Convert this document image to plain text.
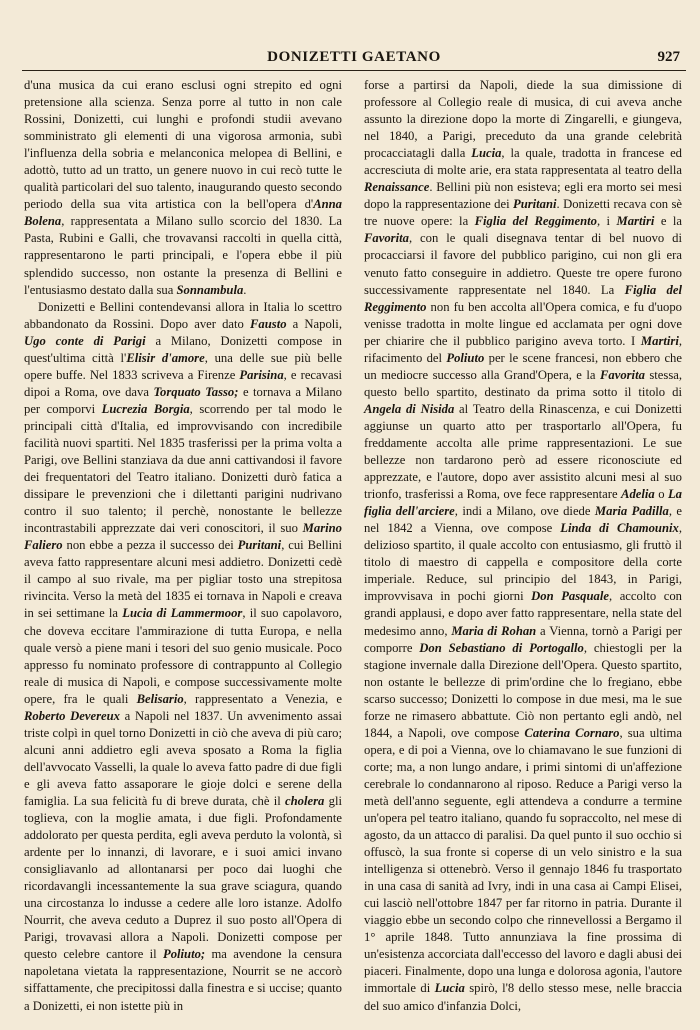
DONIZETTI GAETANO	927

d'una musica da cui erano esclusi ogni strepito ed ogni pretensione alla scienza. Senza porre al tutto in non cale Rossini, Donizetti, cui lunghi e profondi studii avevano somministrato gli elementi di una vigorosa armonia, subì l'influenza della sobria e melanconica melopea di Bellini, e adottò, tutto ad un tratto, un genere nuovo in cui recò tutte le qualità particolari del suo talento, inaugurando questo secondo periodo della sua vita artistica con la bell'opera d'Anna Bolena, rappresentata a Milano sullo scorcio del 1830. La Pasta, Rubini e Galli, che trovavansi raccolti in quella città, rappresentarono le parti principali, e l'opera ebbe il più splendido successo, non ostante la presenza di Bellini e l'entusiasmo destato dalla sua Sonnambula.

Donizetti e Bellini contendevansi allora in Italia lo scettro abbandonato da Rossini. Dopo aver dato Fausto a Napoli, Ugo conte di Parigi a Milano, Donizetti compose in quest'ultima città l'Elisir d'amore, una delle sue più belle opere buffe. Nel 1833 scriveva a Firenze Parisina, e recavasi dipoi a Roma, ove dava Torquato Tasso; e tornava a Milano per comporvi Lucrezia Borgia, scorrendo per tal modo le principali città d'Italia, ed improvvisando con incredibile facilità nuovi spartiti. Nel 1835 trasferissi per la prima volta a Parigi, ove Bellini stanziava da due anni cattivandosi il favore dei frequentatori del Teatro italiano. Donizetti durò fatica a dissipare le prevenzioni che i dilettanti parigini nudrivano contro il suo talento; il perchè, nonostante le bellezze incontrastabili apprezzate dai veri conoscitori, il suo Marino Faliero non ebbe a pezza il successo dei Puritani, cui Bellini aveva fatto rappresentare alcuni mesi addietro. Donizetti cedè il campo al suo rivale, ma per pigliar tosto una strepitosa rivincita. Verso la metà del 1835 ei tornava in Napoli e creava in sei settimane la Lucia di Lammermoor, il suo capolavoro, che doveva eccitare l'ammirazione di tutta Europa, e nella quale versò a piene mani i tesori del suo genio musicale. Poco appresso fu nominato professore di contrappunto al Collegio reale di musica di Napoli, e compose successivamente molte opere, fra le quali Belisario, rappresentato a Venezia, e Roberto Devereux a Napoli nel 1837. Un avvenimento assai triste colpì in quel torno Donizetti in ciò che aveva di più caro; alcuni anni addietro egli aveva sposato a Roma la figlia dell'avvocato Vasselli, la quale lo aveva fatto padre di due figli e gli aveva fatto assaporare le gioje dolci e serene della famiglia. La sua felicità fu di breve durata, chè il cholera gli toglieva, con la moglie amata, i due figli. Profondamente addolorato per questa perdita, egli aveva perduto la volontà, sì ardente per lo innanzi, di lavorare, e i suoi amici invano consigliavanlo ad allontanarsi per poco dai luoghi che ricordavangli incessantemente la sua grave sciagura, quando una circostanza lo indusse a cedere alle loro istanze. Adolfo Nourrit, che aveva ceduto a Duprez il suo posto all'Opera di Parigi, trovavasi allora a Napoli. Donizetti compose per questo celebre cantore il Poliuto; ma avendone la censura napoletana vietata la rappresentazione, Nourrit se ne accorò siffattamente, che precipitossi dalla finestra e si uccise; quanto a Donizetti, ei non istette più in

forse a partirsi da Napoli, diede la sua dimissione di professore al Collegio reale di musica, di cui aveva anche assunto la direzione dopo la morte di Zingarelli, e giungeva, nel 1840, a Parigi, preceduto da una grande celebrità procacciatagli dalla Lucia, la quale, tradotta in francese ed accresciuta di molte arie, era stata rappresentata al teatro della Renaissance. Bellini più non esisteva; egli era morto sei mesi dopo la rappresentazione dei Puritani. Donizetti recava con sè tre nuove opere: la Figlia del Reggimento, i Martiri e la Favorita, con le quali disegnava tentar di bel nuovo di procacciarsi il favore del pubblico parigino, cui non gli era venuto fatto conseguire in addietro. Queste tre opere furono successivamente rappresentate nel 1840. La Figlia del Reggimento non fu ben accolta all'Opera comica, e fu d'uopo venisse tradotta in molte lingue ed acclamata per ogni dove per chiarire che il pubblico parigino aveva torto. I Martiri, rifacimento del Poliuto per le scene francesi, non ebbero che un mediocre successo alla Grand'Opera, e la Favorita stessa, questo bello spartito, destinato da prima sotto il titolo di Angela di Nisida al Teatro della Rinascenza, e cui Donizetti aggiunse un quarto atto per trasportarlo all'Opera, fu freddamente accolta alle prime rappresentazioni. Le sue bellezze non tardarono però ad essere riconosciute ed apprezzate, e l'autore, dopo aver assistito alcuni mesi al suo trionfo, trasferissi a Roma, ove fece rappresentare Adelia o La figlia dell'arciere, indi a Milano, ove diede Maria Padilla, e nel 1842 a Vienna, ove compose Linda di Chamounix, delizioso spartito, il quale accolto con entusiasmo, gli fruttò il titolo di maestro di cappella e compositore della corte imperiale. Reduce, sul principio del 1843, in Parigi, improvvisava in pochi giorni Don Pasquale, accolto con grandi applausi, e dopo aver fatto rappresentare, nella state del medesimo anno, Maria di Rohan a Vienna, tornò a Parigi per comporre Don Sebastiano di Portogallo, chiestogli per la stagione invernale dalla Direzione dell'Opera. Questo spartito, non ostante le bellezze di prim'ordine che lo fregiano, ebbe scarso successo; Donizetti lo compose in due mesi, ma le sue forze ne rimasero abbattute. Ciò non pertanto egli andò, nel 1844, a Napoli, ove compose Caterina Cornaro, sua ultima opera, e di poi a Vienna, ove lo chiamavano le sue funzioni di corte; ma, a non lungo andare, i primi sintomi di un'affezione cerebrale lo condannarono al riposo. Reduce a Parigi verso la metà dell'anno seguente, egli attendeva a condurre a termine un'opera pel teatro italiano, quando fu sopraccolto, nel mese di agosto, da un attacco di paralisi. Da quel punto il suo occhio si offuscò, la sua fronte si coperse di un velo sinistro e la sua intelligenza si ottenebrò. Verso il gennajo 1846 fu trasportato in una casa di sanità ad Ivry, indi in una casa ai Campi Elisei, cui lasciò nell'ottobre 1847 per far ritorno in patria. Durante il viaggio ebbe un secondo colpo che rinnevellossi a Bergamo il 1° aprile 1848. Tutto annunziava la fine prossima di un'esistenza accorciata dall'eccesso del lavoro e dagli abusi dei piaceri. Finalmente, dopo una lunga e dolorosa agonia, l'autore immortale di Lucia spirò, l'8 dello stesso mese, nelle braccia del suo amico d'infanzia Dolci,
